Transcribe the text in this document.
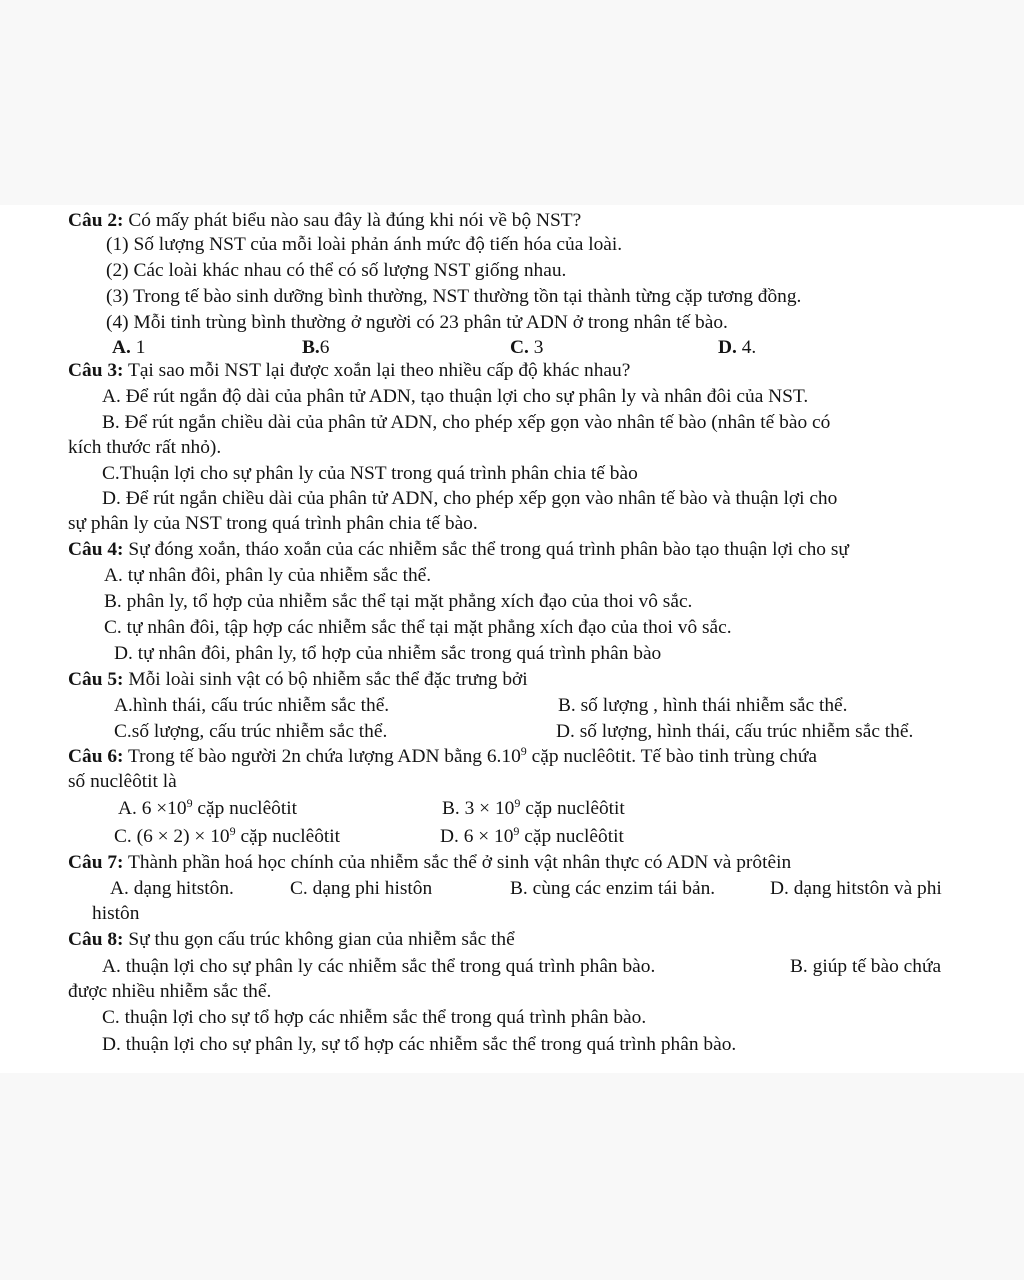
Câu 2: Có mấy phát biểu nào sau đây là đúng khi nói về bộ NST?
(1) Số lượng NST của mỗi loài phản ánh mức độ tiến hóa của loài.
(2) Các loài khác nhau có thể có số lượng NST giống nhau.
(3) Trong tế bào sinh dưỡng bình thường, NST thường tồn tại thành từng cặp tương đồng.
(4) Mỗi tinh trùng bình thường ở người có 23 phân tử ADN ở trong nhân tế bào.
A. 1	B.6	C. 3	D. 4.
Câu 3: Tại sao mỗi NST lại được xoắn lại theo nhiều cấp độ khác nhau?
A. Để rút ngắn độ dài của phân tử ADN, tạo thuận lợi cho sự phân ly và nhân đôi của NST.
B. Để rút ngắn chiều dài của phân tử ADN, cho phép xếp gọn vào nhân tế bào (nhân tế bào có
kích thước rất nhỏ).
C.Thuận lợi cho sự phân ly của NST trong quá trình phân chia tế bào
D. Để rút ngắn chiều dài của phân tử ADN, cho phép xếp gọn vào nhân tế bào và thuận lợi cho
sự phân ly của NST trong quá trình phân chia tế bào.
Câu 4: Sự đóng xoắn, tháo xoắn của các nhiễm sắc thể trong quá trình phân bào tạo thuận lợi cho sự
A. tự nhân đôi, phân ly của nhiễm sắc thể.
B. phân ly, tổ hợp của nhiễm sắc thể tại mặt phẳng xích đạo của thoi vô sắc.
C. tự nhân đôi, tập hợp các nhiễm sắc thể tại mặt phẳng xích đạo của thoi vô sắc.
D. tự nhân đôi, phân ly, tổ hợp của nhiễm sắc trong quá trình phân bào
Câu 5: Mỗi loài sinh vật có bộ nhiễm sắc thể đặc trưng bởi
A.hình thái, cấu trúc nhiễm sắc thể.	B. số lượng , hình thái nhiễm sắc thể.
C.số lượng, cấu trúc nhiễm sắc thể.	D. số lượng, hình thái, cấu trúc nhiễm sắc thể.
Câu 6: Trong tế bào người 2n chứa lượng ADN bằng 6.10$^9$ cặp nuclêôtit. Tế bào tinh trùng chứa
số nuclêôtit là
A. $6 \times 10^9$ cặp nuclêôtit	B. $3 \times 10^9$ cặp nuclêôtit
C. $(6 \times 2) \times 10^9$ cặp nuclêôtit	D. $6 \times 10^9$ cặp nuclêôtit
Câu 7: Thành phần hoá học chính của nhiễm sắc thể ở sinh vật nhân thực có ADN và prôtêin
A. dạng hitstôn.	C. dạng phi histôn	B. cùng các enzim tái bản.	D. dạng hitstôn và phi
histôn
Câu 8: Sự thu gọn cấu trúc không gian của nhiễm sắc thể
A. thuận lợi cho sự phân ly các nhiễm sắc thể trong quá trình phân bào.	B. giúp tế bào chứa
được nhiều nhiễm sắc thể.
C. thuận lợi cho sự tổ hợp các nhiễm sắc thể trong quá trình phân bào.
D. thuận lợi cho sự phân ly, sự tổ hợp các nhiễm sắc thể trong quá trình phân bào.
